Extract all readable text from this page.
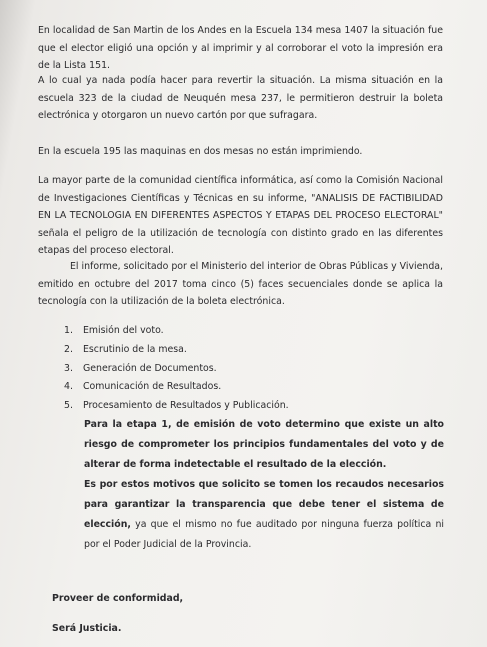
En localidad de San Martin de los Andes en la Escuela 134 mesa 1407 la situación fue que el elector eligió una opción y al imprimir y al corroborar el voto la impresión era de la Lista 151.

A lo cual ya nada podía hacer para revertir la situación. La misma situación en la escuela 323 de la ciudad de Neuquén mesa 237, le permitieron destruir la boleta electrónica y otorgaron un nuevo cartón por que sufragara.

En la escuela 195 las maquinas en dos mesas no están imprimiendo.

La mayor parte de la comunidad científica informática, así como la Comisión Nacional de Investigaciones Científicas y Técnicas en su informe, "ANALISIS DE FACTIBILIDAD EN LA TECNOLOGIA EN DIFERENTES ASPECTOS Y ETAPAS DEL PROCESO ELECTORAL" señala el peligro de la utilización de tecnología con distinto grado en las diferentes etapas del proceso electoral.

El informe, solicitado por el Ministerio del interior de Obras Públicas y Vivienda, emitido en octubre del 2017 toma cinco (5) faces secuenciales donde se aplica la tecnología con la utilización de la boleta electrónica.

1. Emisión del voto.
2. Escrutinio de la mesa.
3. Generación de Documentos.
4. Comunicación de Resultados.
5. Procesamiento de Resultados y Publicación.
Para la etapa 1, de emisión de voto determino que existe un alto riesgo de comprometer los principios fundamentales del voto y de alterar de forma indetectable el resultado de la elección.
Es por estos motivos que solicito se tomen los recaudos necesarios para garantizar la transparencia que debe tener el sistema de elección, ya que el mismo no fue auditado por ninguna fuerza política ni por el Poder Judicial de la Provincia.

Proveer de conformidad,

Será Justicia.
